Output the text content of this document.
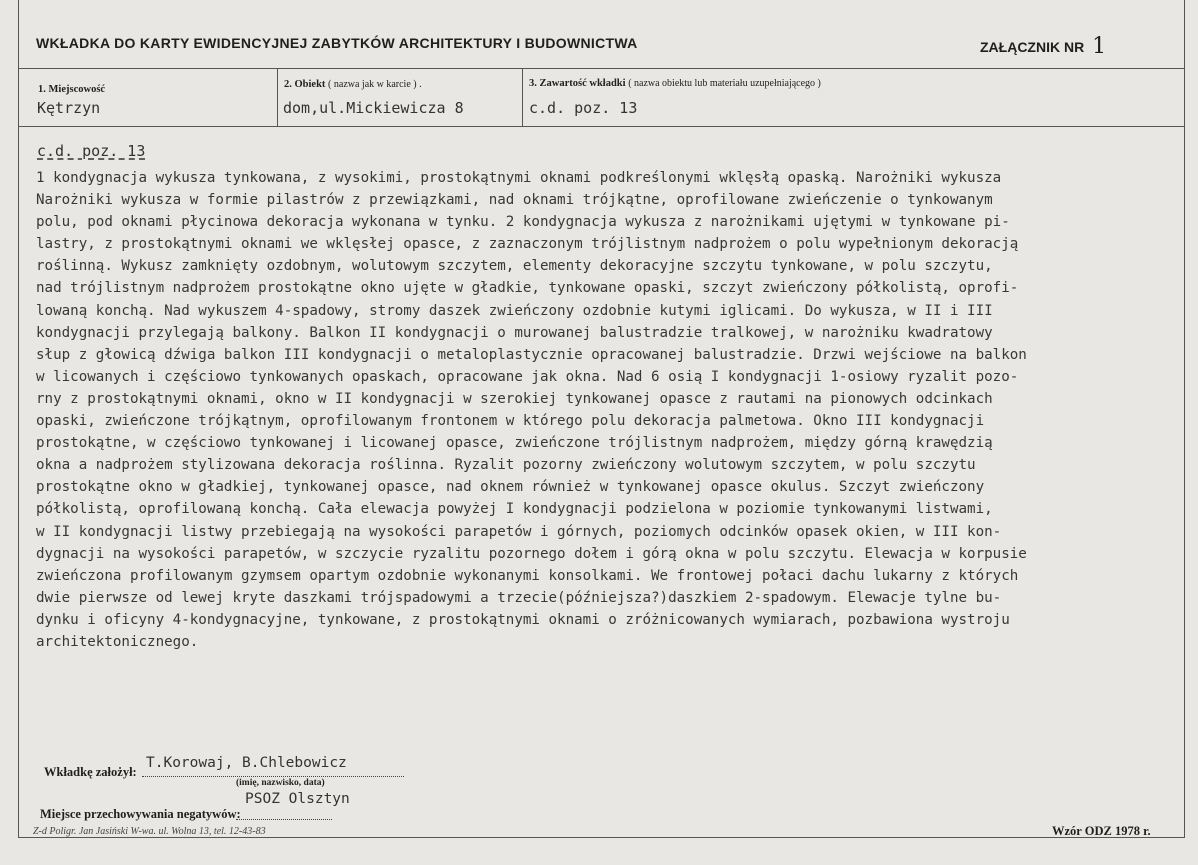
WKŁADKA DO KARTY EWIDENCYJNEJ ZABYTKÓW ARCHITEKTURY I BUDOWNICTWA	ZAŁĄCZNIK NR 1
1. Miejscowość
Kętrzyn
2. Obiekt ( nazwa jak w karcie ) .
dom,ul.Mickiewicza 8
3. Zawartość wkładki ( nazwa obiektu lub materiału uzupełniającego )
c.d. poz. 13
c.d. poz. 13
1 kondygnacja wykusza tynkowana, z wysokimi, prostokątnymi oknami podkreślonymi wklęsłą opaską. Narożniki wykusza
Narożniki wykusza w formie pilastrów z przewiązkami, nad oknami trójkątne, oprofilowane zwieńczenie o tynkowanym
polu, pod oknami płycinowa dekoracja wykonana w tynku. 2 kondygnacja wykusza z narożnikami ujętymi w tynkowane pi-
lastry, z prostokątnymi oknami we wklęsłej opasce, z zaznaczonym trójlistnym nadprożem o polu wypełnionym dekoracją
roślinną. Wykusz zamknięty ozdobnym, wolutowym szczytem, elementy dekoracyjne szczytu tynkowane, w polu szczytu,
nad trójlistnym nadprożem prostokątne okno ujęte w gładkie, tynkowane opaski, szczyt zwieńczony półkolistą, oprofi-
lowaną konchą. Nad wykuszem 4-spadowy, stromy daszek zwieńczony ozdobnie kutymi iglicami. Do wykusza, w II i III
kondygnacji przylegają balkony. Balkon II kondygnacji o murowanej balustradzie tralkowej, w narożniku kwadratowy
słup z głowicą dźwiga balkon III kondygnacji o metaloplastycznie opracowanej balustradzie. Drzwi wejściowe na balkon
w licowanych i częściowo tynkowanych opaskach, opracowane jak okna. Nad 6 osią I kondygnacji 1-osiowy ryzalit pozo-
rny z prostokątnymi oknami, okno w II kondygnacji w szerokiej tynkowanej opasce z rautami na pionowych odcinkach
opaski, zwieńczone trójkątnym, oprofilowanym frontonem w którego polu dekoracja palmetowa. Okno III kondygnacji
prostokątne, w częściowo tynkowanej i licowanej opasce, zwieńczone trójlistnym nadprożem, między górną krawędzią
okna a nadprożem stylizowana dekoracja roślinna. Ryzalit pozorny zwieńczony wolutowym szczytem, w polu szczytu
prostokątne okno w gładkiej, tynkowanej opasce, nad oknem również w tynkowanej opasce okulus. Szczyt zwieńczony
półkolistą, oprofilowaną konchą. Cała elewacja powyżej I kondygnacji podzielona w poziomie tynkowanymi listwami,
w II kondygnacji listwy przebiegają na wysokości parapetów i górnych, poziomych odcinków opasek okien, w III kon-
dygnacji na wysokości parapetów, w szczycie ryzalitu pozornego dołem i górą okna w polu szczytu. Elewacja w korpusie
zwieńczona profilowanym gzymsem opartym ozdobnie wykonanymi konsolkami. We frontowej połaci dachu lukarny z których
dwie pierwsze od lewej kryte daszkami trójspadowymi a trzecie(późniejsza?)daszkiem 2-spadowym. Elewacje tylne bu-
dynku i oficyny 4-kondygnacyjne, tynkowane, z prostokątnymi oknami o zróżnicowanych wymiarach, pozbawiona wystroju
architektonicznego.
Wkładkę założył:
T.Korowaj, B.Chlebowicz
(imię, nazwisko, data)
PSOZ Olsztyn
Miejsce przechowywania negatywów:
Z-d Poligr. Jan Jasiński W-wa. ul. Wolna 13, tel. 12-43-83	Wzór ODZ 1978 r.
